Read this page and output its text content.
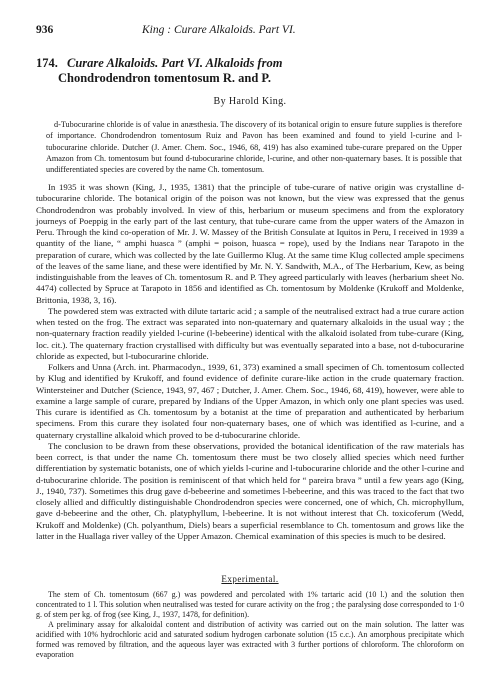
936	King : Curare Alkaloids. Part VI.
174. Curare Alkaloids. Part VI. Alkaloids from
Chondrodendron tomentosum R. and P.
By Harold King.

d-Tubocurarine chloride is of value in anæsthesia. The discovery of its botanical origin to ensure future supplies is therefore of importance. Chondrodendron tomentosum Ruiz and Pavon has been examined and found to yield l-curine and l-tubocurarine chloride. Dutcher (J. Amer. Chem. Soc., 1946, 68, 419) has also examined tube-curare prepared on the Upper Amazon from Ch. tomentosum but found d-tubocurarine chloride, l-curine, and other non-quaternary bases. It is possible that undifferentiated species are covered by the name Ch. tomentosum.

In 1935 it was shown (King, J., 1935, 1381) that the principle of tube-curare of native origin was crystalline d-tubocurarine chloride. The botanical origin of the poison was not known, but the view was expressed that the genus Chondrodendron was probably involved. In view of this, herbarium or museum specimens and from the exploratory journeys of Poeppig in the early part of the last century, that tube-curare came from the upper waters of the Amazon in Peru. Through the kind co-operation of Mr. J. W. Massey of the British Consulate at Iquitos in Peru, I received in 1939 a quantity of the liane, “ amphi huasca ” (amphi = poison, huasca = rope), used by the Indians near Tarapoto in the preparation of curare, which was collected by the late Guillermo Klug. At the same time Klug collected ample specimens of the leaves of the same liane, and these were identified by Mr. N. Y. Sandwith, M.A., of The Herbarium, Kew, as being indistinguishable from the leaves of Ch. tomentosum R. and P. They agreed particularly with leaves (herbarium sheet No. 4474) collected by Spruce at Tarapoto in 1856 and identified as Ch. tomentosum by Moldenke (Krukoff and Moldenke, Brittonia, 1938, 3, 16).

The powdered stem was extracted with dilute tartaric acid ; a sample of the neutralised extract had a true curare action when tested on the frog. The extract was separated into non-quaternary and quaternary alkaloids in the usual way ; the non-quaternary fraction readily yielded l-curine (l-bebeerine) identical with the alkaloid isolated from tube-curare (King, loc. cit.). The quaternary fraction crystallised with difficulty but was eventually separated into a base, not d-tubocurarine chloride as expected, but l-tubocurarine chloride.

Folkers and Unna (Arch. int. Pharmacodyn., 1939, 61, 373) examined a small specimen of Ch. tomentosum collected by Klug and identified by Krukoff, and found evidence of definite curare-like action in the crude quaternary fraction. Wintersteiner and Dutcher (Science, 1943, 97, 467 ; Dutcher, J. Amer. Chem. Soc., 1946, 68, 419), however, were able to examine a large sample of curare, prepared by Indians of the Upper Amazon, in which only one plant species was used. This curare is identified as Ch. tomentosum by a botanist at the time of preparation and authenticated by herbarium specimens. From this curare they isolated four non-quaternary bases, one of which was identified as l-curine, and a quaternary crystalline alkaloid which proved to be d-tubocurarine chloride.

The conclusion to be drawn from these observations, provided the botanical identification of the raw materials has been correct, is that under the name Ch. tomentosum there must be two closely allied species which need further differentiation by systematic botanists, one of which yields l-curine and l-tubocurarine chloride and the other l-curine and d-tubocurarine chloride. The position is reminiscent of that which held for “ pareira brava ” until a few years ago (King, J., 1940, 737). Sometimes this drug gave d-bebeerine and sometimes l-bebeerine, and this was traced to the fact that two closely allied and difficultly distinguishable Chondrodendron species were concerned, one of which, Ch. microphyllum, gave d-bebeerine and the other, Ch. platyphyllum, l-bebeerine. It is not without interest that Ch. toxicoferum (Wedd, Krukoff and Moldenke) (Ch. polyanthum, Diels) bears a superficial resemblance to Ch. tomentosum and grows like the latter in the Huallaga river valley of the Upper Amazon. Chemical examination of this species is much to be desired.

Experimental.

The stem of Ch. tomentosum (667 g.) was powdered and percolated with 1% tartaric acid (10 l.) and the solution then concentrated to 1 l. This solution when neutralised was tested for curare activity on the frog ; the paralysing dose corresponded to 1·0 g. of stem per kg. of frog (see King, J., 1937, 1478, for definition).

A preliminary assay for alkaloidal content and distribution of activity was carried out on the main solution. The latter was acidified with 10% hydrochloric acid and saturated sodium hydrogen carbonate solution (15 c.c.). An amorphous precipitate which formed was removed by filtration, and the aqueous layer was extracted with 3 further portions of chloroform. The chloroform on evaporation
